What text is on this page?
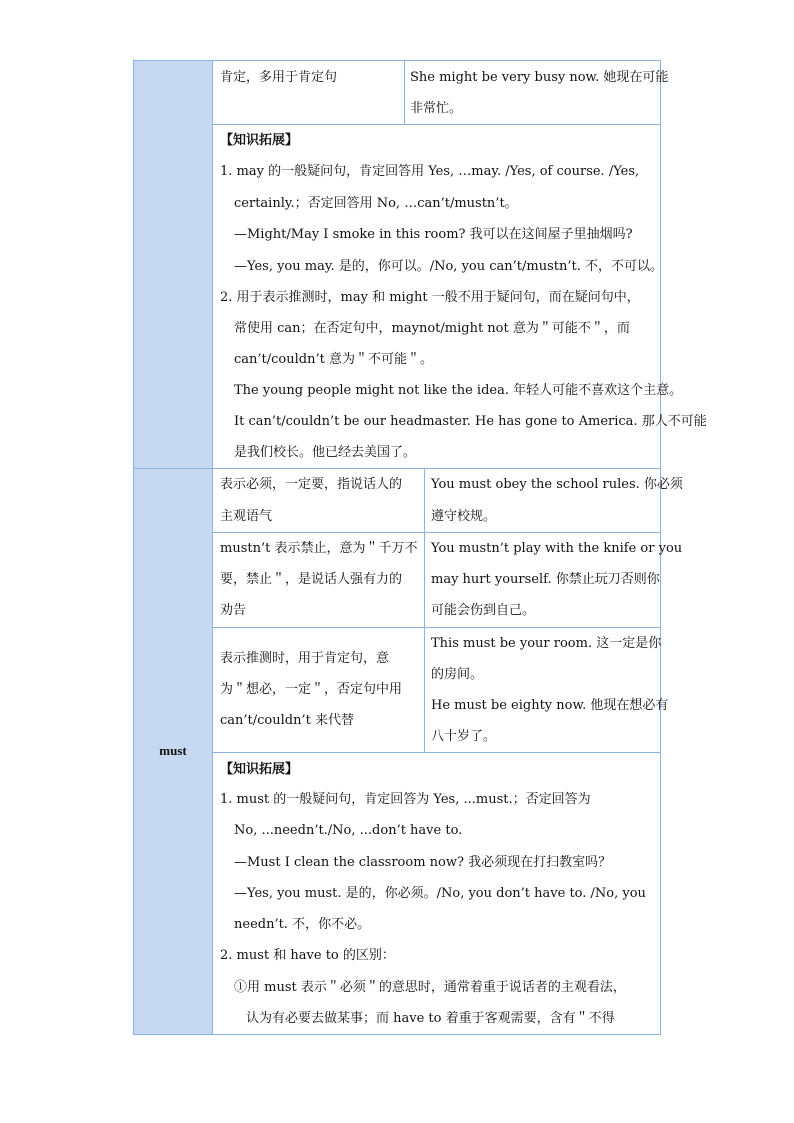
must
肯定，多用于肯定句	She might be very busy now. 她现在可能
非常忙。
【知识拓展】
1. may 的一般疑问句，肯定回答用 Yes, …may. /Yes, of course. /Yes,
certainly.；否定回答用 No, …can’t/mustn’t。
—Might/May I smoke in this room? 我可以在这间屋子里抽烟吗?
—Yes, you may. 是的，你可以。/No, you can’t/mustn’t. 不，不可以。
2. 用于表示推测时，may 和 might 一般不用于疑问句，而在疑问句中，
常使用 can；在否定句中，maynot/might not 意为＂可能不＂，而
can’t/couldn’t 意为＂不可能＂。
The young people might not like the idea. 年轻人可能不喜欢这个主意。
It can’t/couldn’t be our headmaster. He has gone to America. 那人不可能
是我们校长。他已经去美国了。
表示必须，一定要，指说话人的
主观语气
You must obey the school rules. 你必须
遵守校规。
mustn’t 表示禁止，意为＂千万不
要，禁止＂，是说话人强有力的
劝告
You mustn’t play with the knife or you
may hurt yourself. 你禁止玩刀否则你
可能会伤到自己。
表示推测时，用于肯定句，意
为＂想必，一定＂，否定句中用
can’t/couldn’t 来代替
This must be your room. 这一定是你
的房间。
He must be eighty now. 他现在想必有
八十岁了。
【知识拓展】
1. must 的一般疑问句，肯定回答为 Yes, ...must.；否定回答为
No, ...needn’t./No, ...don’t have to.
—Must I clean the classroom now? 我必须现在打扫教室吗？
—Yes, you must. 是的，你必须。/No, you don’t have to. /No, you
needn’t. 不，你不必。
2. must 和 have to 的区别：
①用 must 表示＂必须＂的意思时，通常着重于说话者的主观看法，
认为有必要去做某事；而 have to 着重于客观需要，含有＂不得
